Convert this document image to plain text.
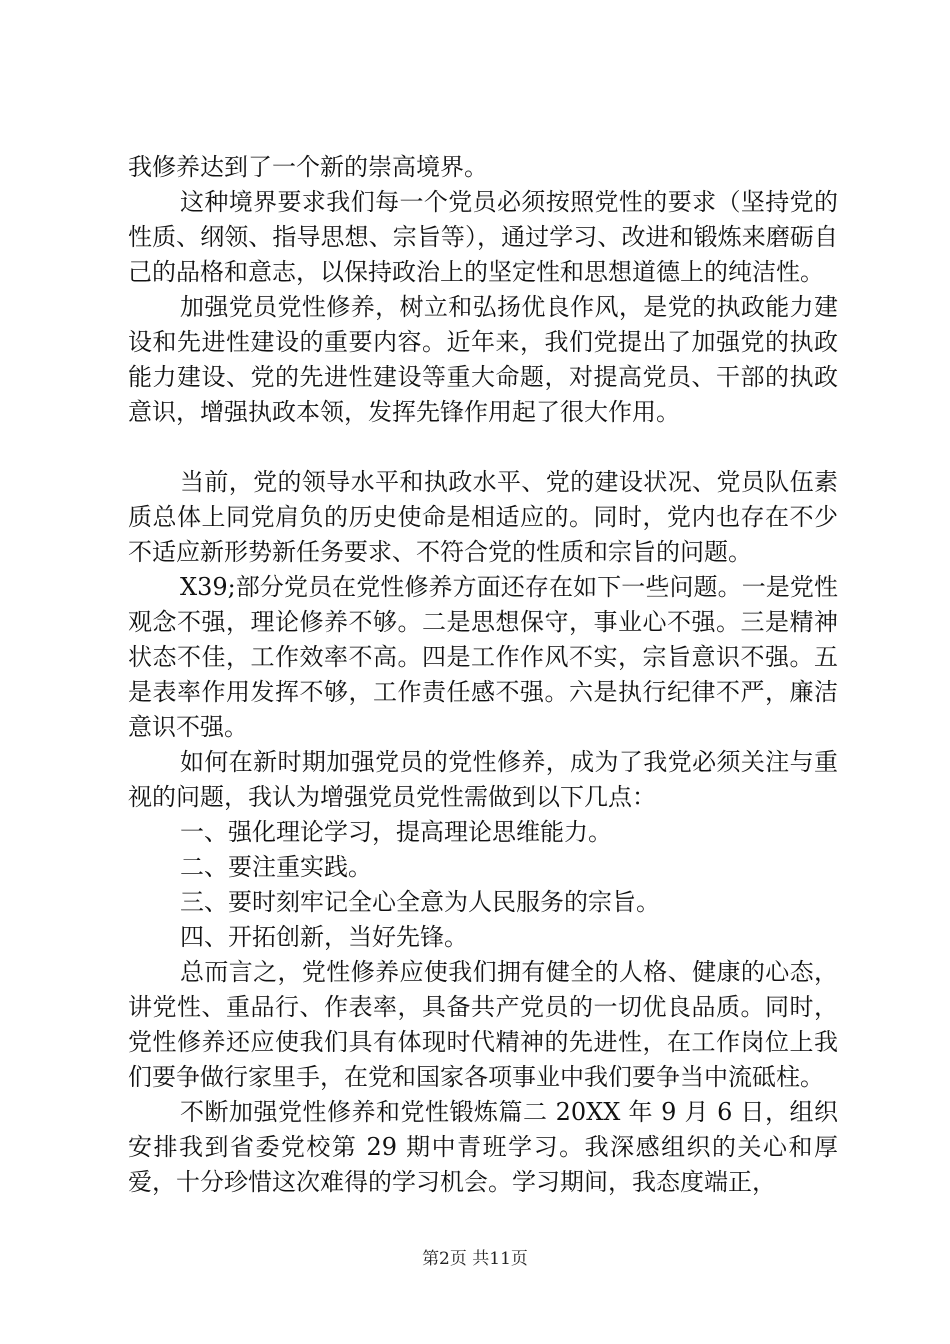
我修养达到了一个新的崇高境界。

这种境界要求我们每一个党员必须按照党性的要求（坚持党的性质、纲领、指导思想、宗旨等），通过学习、改进和锻炼来磨砺自己的品格和意志，以保持政治上的坚定性和思想道德上的纯洁性。

加强党员党性修养，树立和弘扬优良作风，是党的执政能力建设和先进性建设的重要内容。近年来，我们党提出了加强党的执政能力建设、党的先进性建设等重大命题，对提高党员、干部的执政意识，增强执政本领，发挥先锋作用起了很大作用。

当前，党的领导水平和执政水平、党的建设状况、党员队伍素质总体上同党肩负的历史使命是相适应的。同时，党内也存在不少不适应新形势新任务要求、不符合党的性质和宗旨的问题。

X39;部分党员在党性修养方面还存在如下一些问题。一是党性观念不强，理论修养不够。二是思想保守，事业心不强。三是精神状态不佳，工作效率不高。四是工作作风不实，宗旨意识不强。五是表率作用发挥不够，工作责任感不强。六是执行纪律不严，廉洁意识不强。

如何在新时期加强党员的党性修养，成为了我党必须关注与重视的问题，我认为增强党员党性需做到以下几点：

一、强化理论学习，提高理论思维能力。

二、要注重实践。

三、要时刻牢记全心全意为人民服务的宗旨。

四、开拓创新，当好先锋。

总而言之，党性修养应使我们拥有健全的人格、健康的心态，讲党性、重品行、作表率，具备共产党员的一切优良品质。同时，党性修养还应使我们具有体现时代精神的先进性，在工作岗位上我们要争做行家里手，在党和国家各项事业中我们要争当中流砥柱。

不断加强党性修养和党性锻炼篇二 20XX 年 9 月 6 日，组织安排我到省委党校第 29 期中青班学习。我深感组织的关心和厚爱，十分珍惜这次难得的学习机会。学习期间，我态度端正，

第2页 共11页
